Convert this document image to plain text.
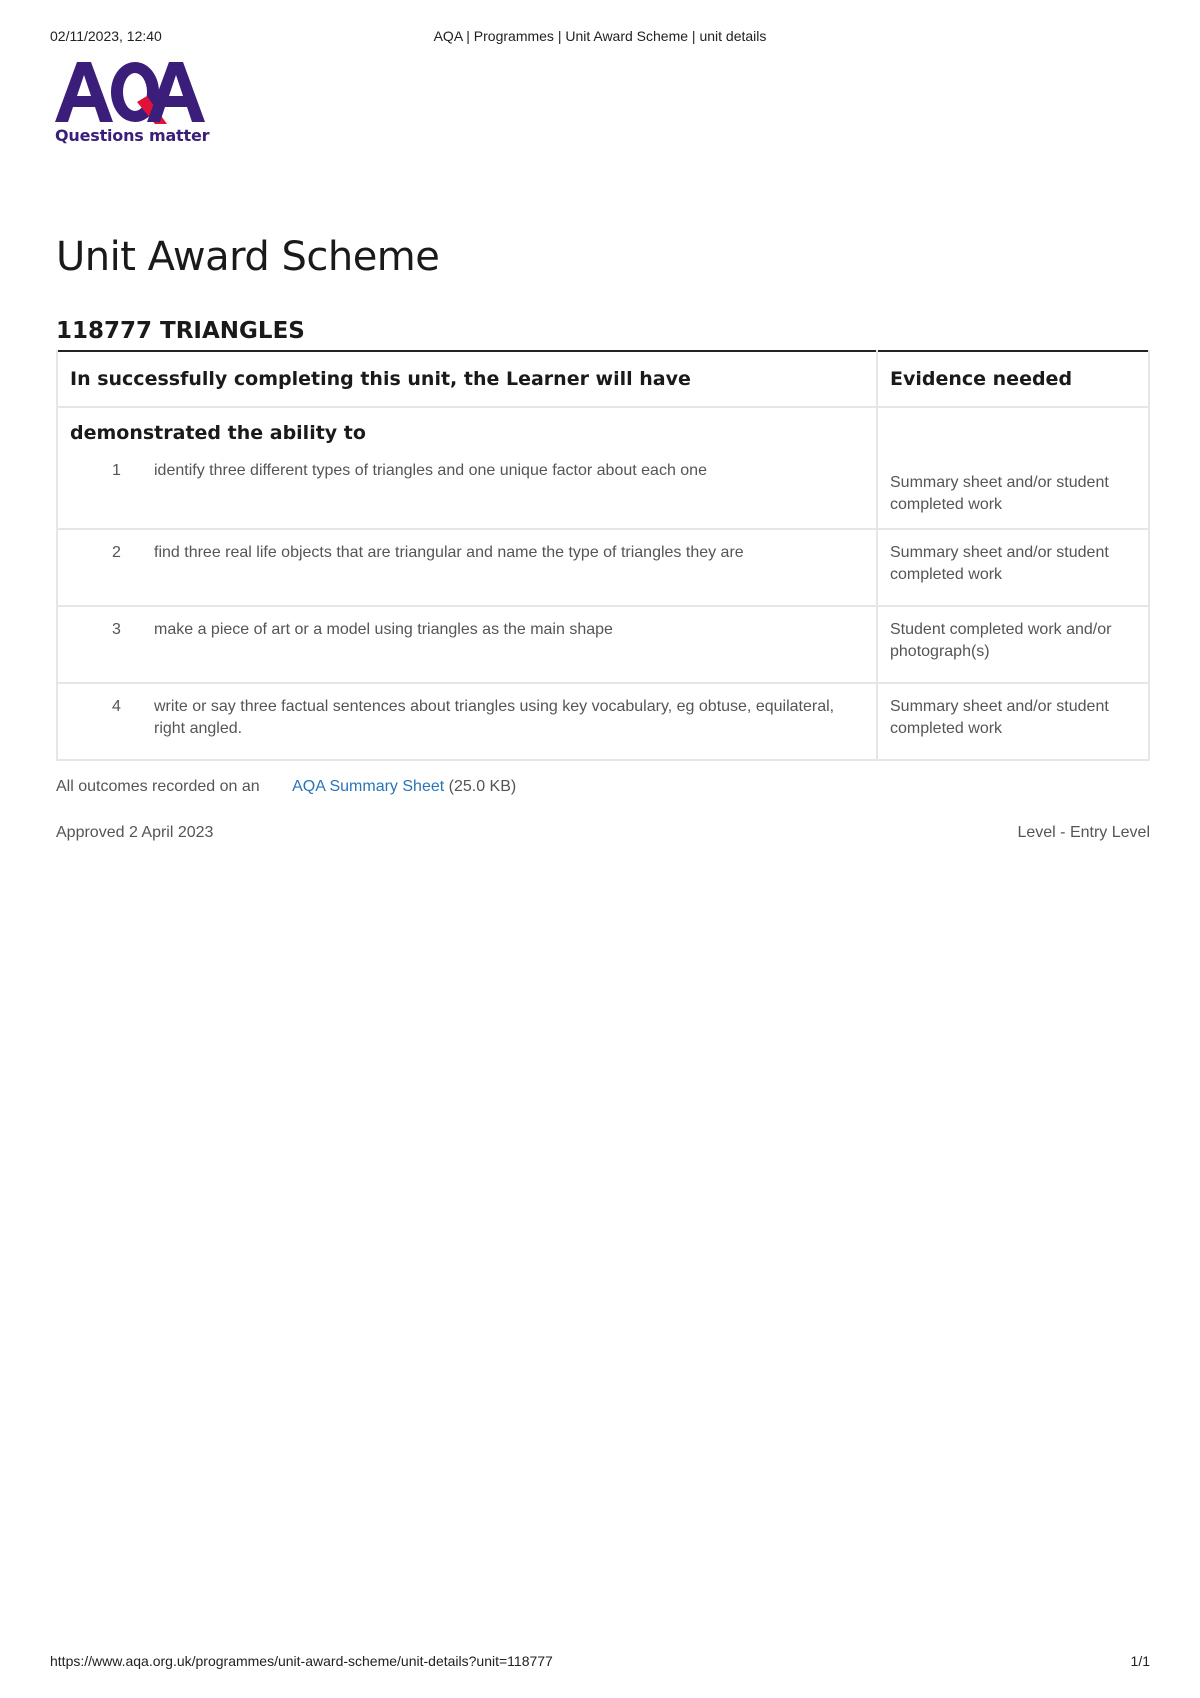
02/11/2023, 12:40	AQA | Programmes | Unit Award Scheme | unit details
Questions matter
Unit Award Scheme
118777 TRIANGLES
In successfully completing this unit, the Learner will have	Evidence needed

demonstrated the ability to
1 identify three different types of triangles and one unique factor about each one	Summary sheet and/or student completed work

2 find three real life objects that are triangular and name the type of triangles they are	Summary sheet and/or student completed work

3 make a piece of art or a model using triangles as the main shape	Student completed work and/or photograph(s)

4 write or say three factual sentences about triangles using key vocabulary, eg obtuse, equilateral, right angled.	Summary sheet and/or student completed work
All outcomes recorded on an AQA Summary Sheet (25.0 KB)
Approved 2 April 2023	Level - Entry Level
https://www.aqa.org.uk/programmes/unit-award-scheme/unit-details?unit=118777	1/1
